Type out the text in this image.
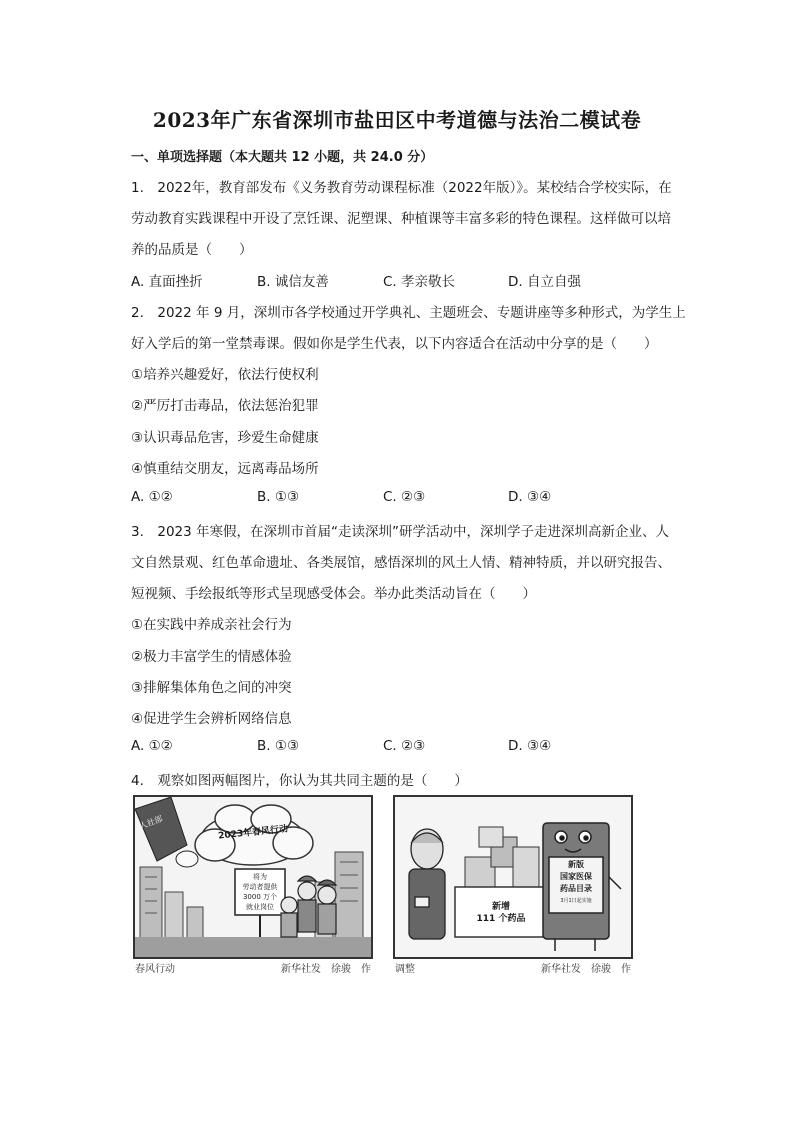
2023年广东省深圳市盐田区中考道德与法治二模试卷
一、单项选择题（本大题共 12 小题，共 24.0 分）
1.　2022年，教育部发布《义务教育劳动课程标准（2022年版）》。某校结合学校实际，在
劳动教育实践课程中开设了烹饪课、泥塑课、种植课等丰富多彩的特色课程。这样做可以培
养的品质是（　　）
A. 直面挫折	B. 诚信友善	C. 孝亲敬长	D. 自立自强
2.　2022 年 9 月，深圳市各学校通过开学典礼、主题班会、专题讲座等多种形式，为学生上
好入学后的第一堂禁毒课。假如你是学生代表，以下内容适合在活动中分享的是（　　）
①培养兴趣爱好，依法行使权利
②严厉打击毒品，依法惩治犯罪
③认识毒品危害，珍爱生命健康
④慎重结交朋友，远离毒品场所
A. ①②	B. ①③	C. ②③	D. ③④
3.　2023 年寒假，在深圳市首届“走读深圳”研学活动中，深圳学子走进深圳高新企业、人
文自然景观、红色革命遗址、各类展馆，感悟深圳的风土人情、精神特质，并以研究报告、
短视频、手绘报纸等形式呈现感受体会。举办此类活动旨在（　　）
①在实践中养成亲社会行为
②极力丰富学生的情感体验
③排解集体角色之间的冲突
④促进学生会辨析网络信息
A. ①②	B. ①③	C. ②③	D. ③④
4.　观察如图两幅图片，你认为其共同主题的是（　　）
2023年春风行动
人社部
将为
劳动者提供
3000 万个
就业岗位
春风行动	新华社发　徐骏　作
新版
国家医保
药品目录
3月1日起实施
新增
111 个药品
调整	新华社发　徐骏　作
